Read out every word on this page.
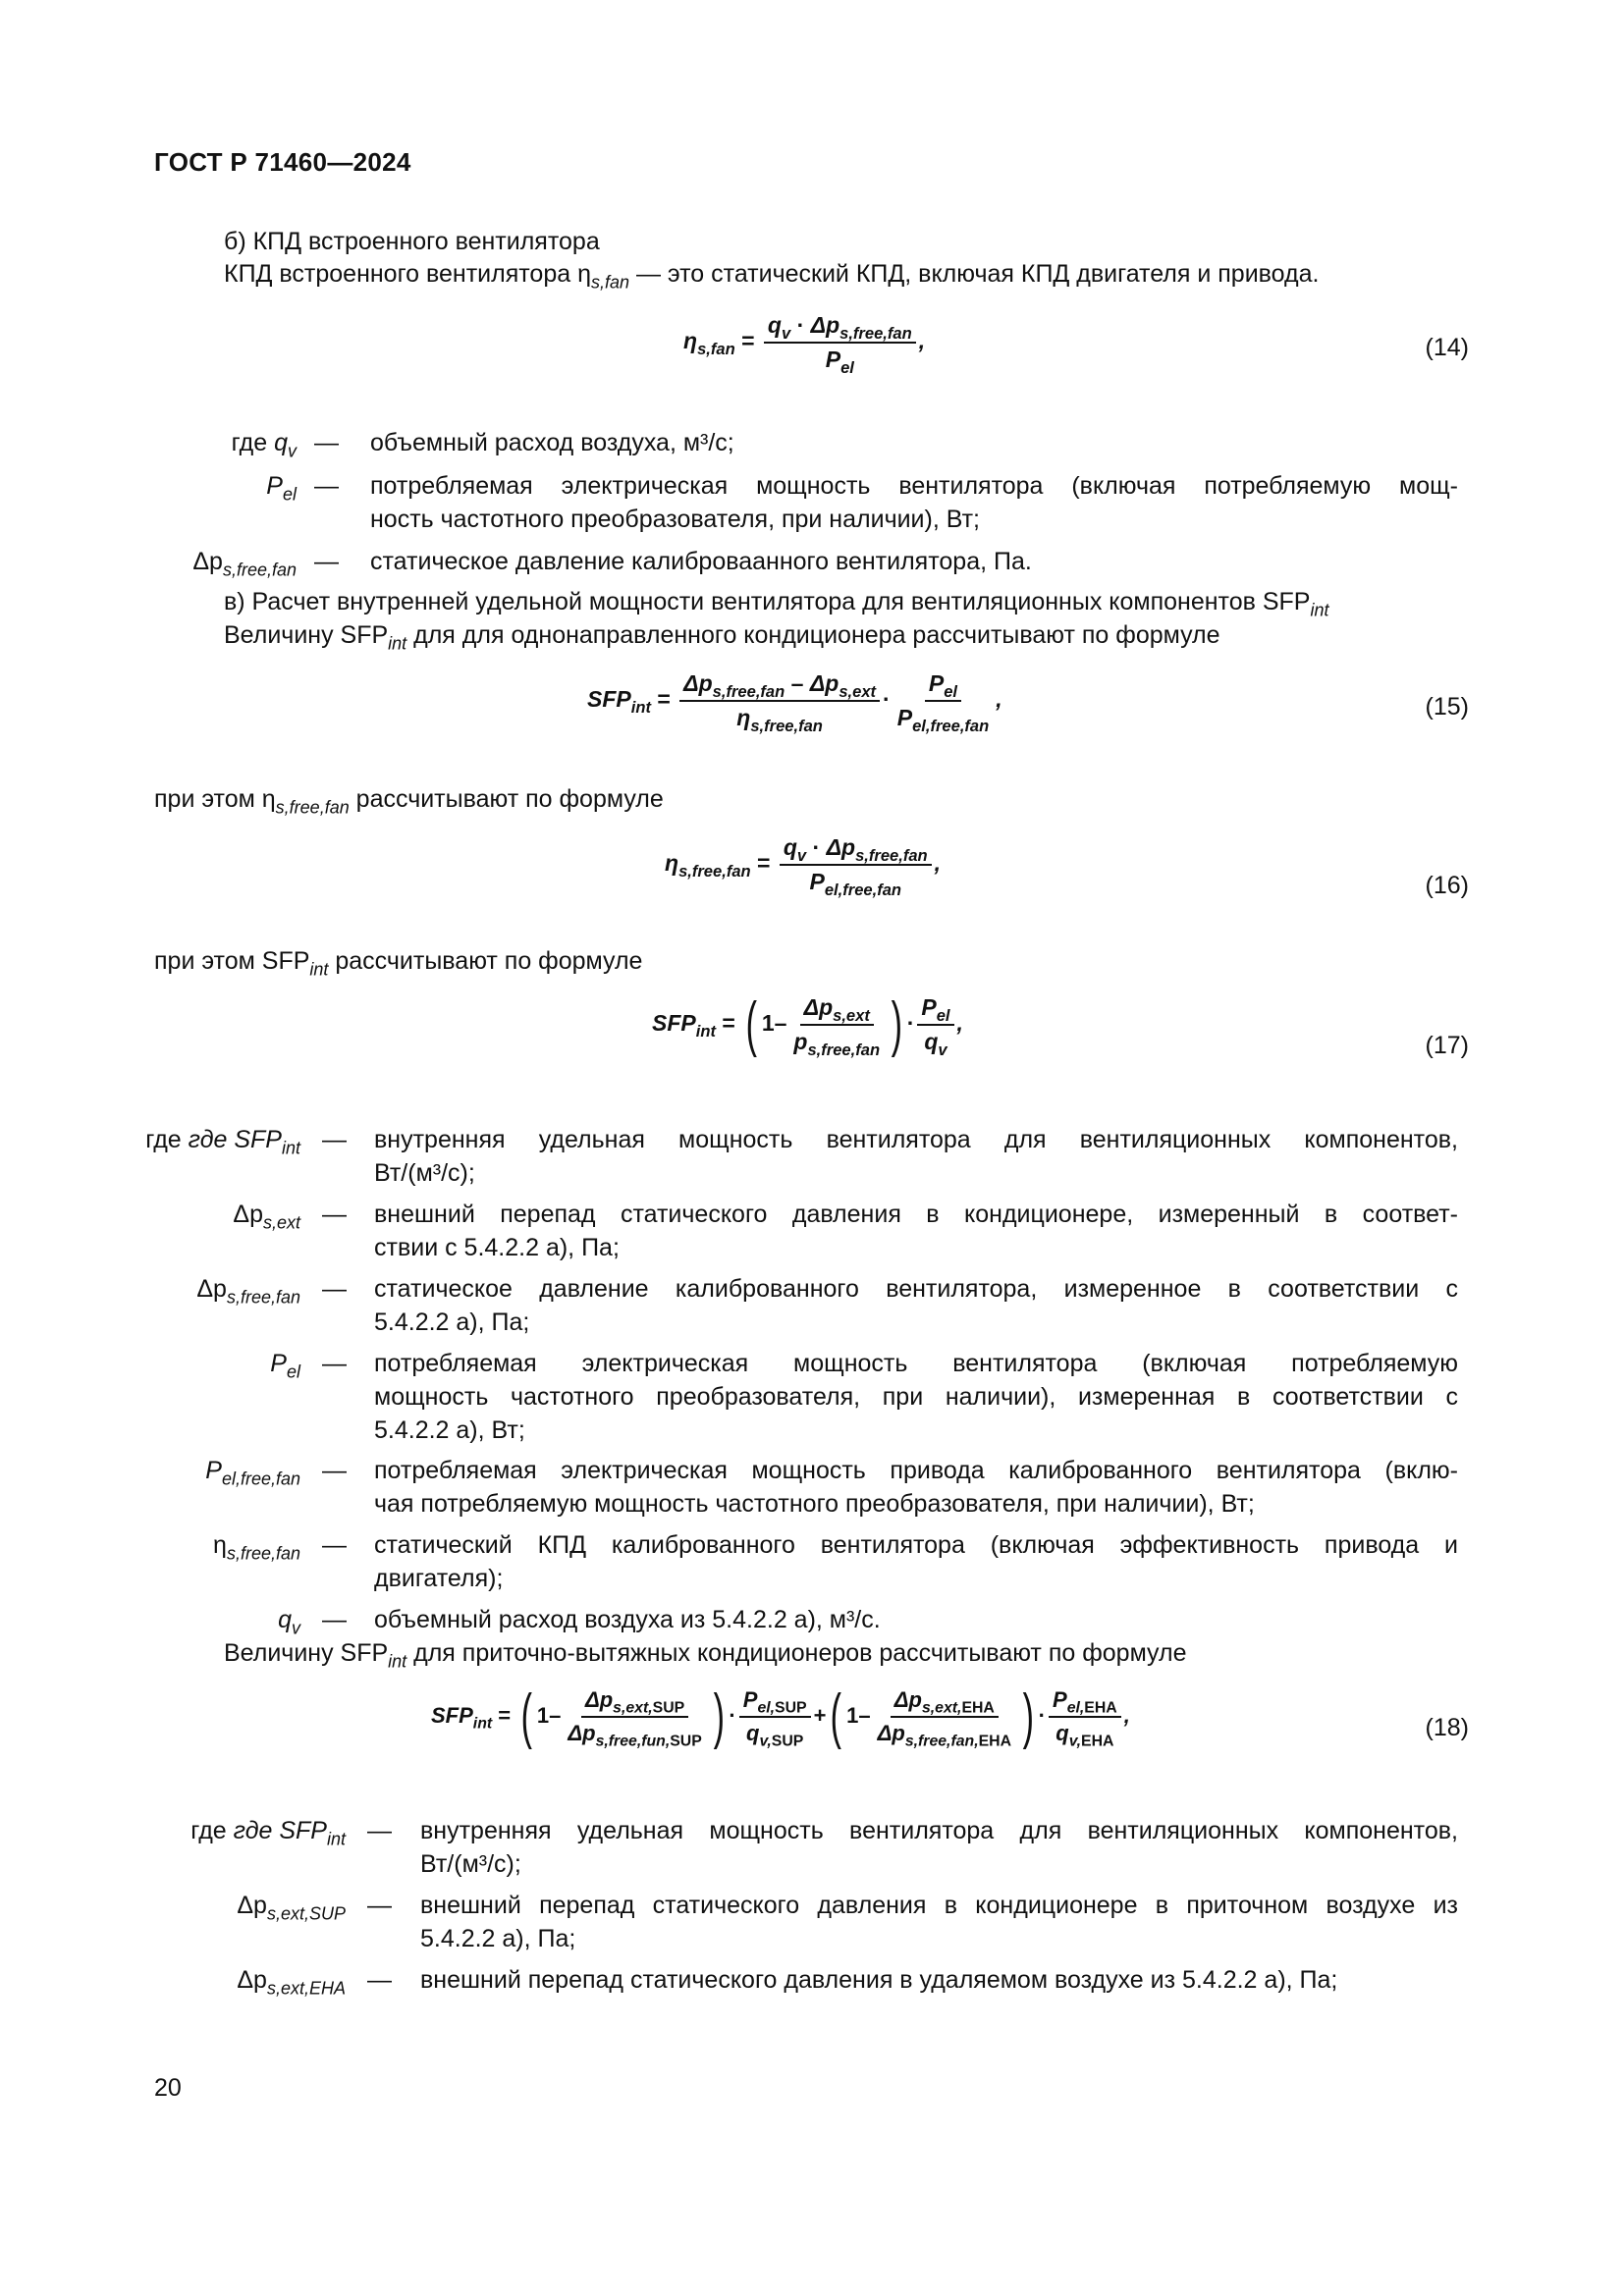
ГОСТ Р 71460—2024
б) КПД встроенного вентилятора
КПД встроенного вентилятора $\eta_{s,fan}$ — это статический КПД, включая КПД двигателя и привода.
$\eta_{s,fan} = \frac{q_v \cdot \Delta p_{s,free,fan}}{P_{el}}$ ,	(14)
где $q_v$ — объемный расход воздуха, м³/с;
$P_{el}$ — потребляемая электрическая мощность вентилятора (включая потребляемую мощ-
ность частотного преобразователя, при наличии), Вт;
$\Delta p_{s,free,fan}$ — статическое давление калиброваанного вентилятора, Па.
в) Расчет внутренней удельной мощности вентилятора для вентиляционных компонентов $SFP_{int}$
Величину $SFP_{int}$ для для однонаправленного кондиционера рассчитывают по формуле
$SFP_{int} = \frac{\Delta p_{s,free,fan} - \Delta p_{s,ext}}{\eta_{s,free,fan}} \cdot \frac{P_{el}}{P_{el,free,fan}}$ ,	(15)
при этом $\eta_{s,free,fan}$ рассчитывают по формуле
$\eta_{s,free,fan} = \frac{q_v \cdot \Delta p_{s,free,fan}}{P_{el,free,fan}}$ ,
(16)
при этом $SFP_{int}$ рассчитывают по формуле
$SFP_{int}$ = ( $1- \frac{\Delta p_{s,ext}}{p_{s,free,fan}}$ ) · $\frac{P_{el}}{q_v}$ ,
(17)
где где $SFP_{int}$ — внутренняя удельная мощность вентилятора для вентиляционных компонентов,
Вт/(м³/с);
$\Delta p_{s,ext}$ — внешний перепад статического давления в кондиционере, измеренный в соответ-
ствии с 5.4.2.2 а), Па;
$\Delta p_{s,free,fan}$ — статическое давление калиброванного вентилятора, измеренное в соответствии с
5.4.2.2 а), Па;
$P_{el}$ — потребляемая электрическая мощность вентилятора (включая потребляемую
мощность частотного преобразователя, при наличии), измеренная в соответствии с
5.4.2.2 а), Вт;
$P_{el,free,fan}$ — потребляемая электрическая мощность привода калиброванного вентилятора (вклю-
чая потребляемую мощность частотного преобразователя, при наличии), Вт;
$\eta_{s,free,fan}$ — статический КПД калиброванного вентилятора (включая эффективность привода и
двигателя);
$q_v$ — объемный расход воздуха из 5.4.2.2 а), м³/с.
Величину $SFP_{int}$ для приточно-вытяжных кондиционеров рассчитывают по формуле
$SFP_{int}$ = ( $1- \frac{\Delta p_{s,ext,SUP}}{\Delta p_{s,free,fun,SUP}}$ ) · $\frac{P_{el,SUP}}{q_{v,SUP}}$ +( $1- \frac{\Delta p_{s,ext,EHA}}{\Delta p_{s,free,fan,EHA}}$ ) · $\frac{P_{el,EHA}}{q_{v,EHA}}$ ,	(18)
где где $SFP_{int}$ — внутренняя удельная мощность вентилятора для вентиляционных компонентов,
Вт/(м³/с);
$\Delta p_{s,ext,SUP}$ — внешний перепад статического давления в кондиционере в приточном воздухе из
5.4.2.2 а), Па;
$\Delta p_{s,ext,EHA}$ — внешний перепад статического давления в удаляемом воздухе из 5.4.2.2 а), Па;
20
